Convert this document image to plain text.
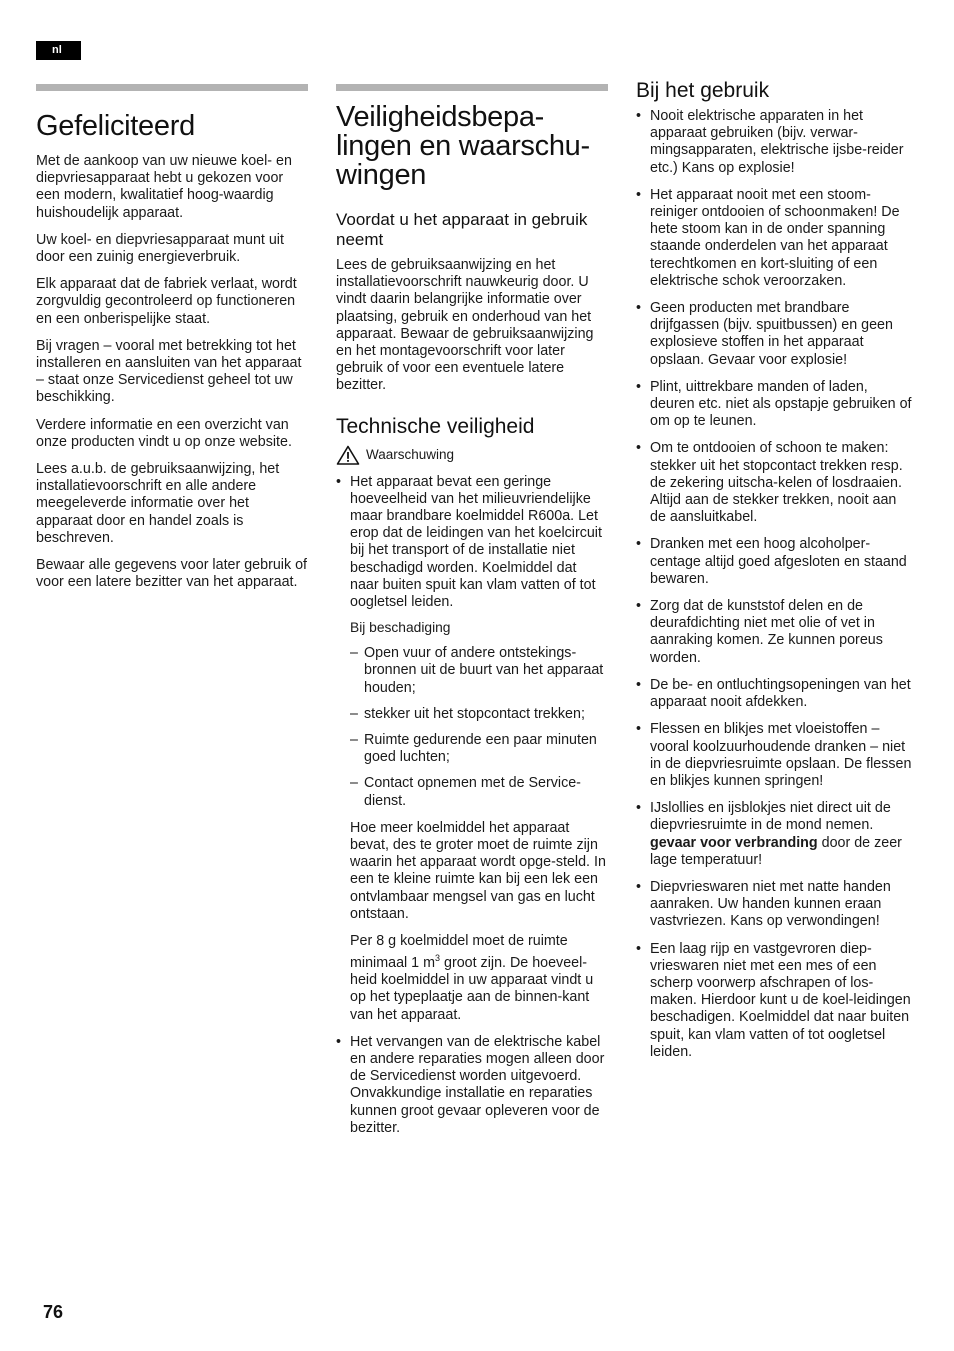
nl
Gefeliciteerd

Met de aankoop van uw nieuwe koel- en diepvriesapparaat hebt u gekozen voor een modern, kwalitatief hoog-waardig huishoudelijk apparaat.

Uw koel- en diepvriesapparaat munt uit door een zuinig energieverbruik.

Elk apparaat dat de fabriek verlaat, wordt zorgvuldig gecontroleerd op functioneren en een onberispelijke staat.

Bij vragen – vooral met betrekking tot het installeren en aansluiten van het apparaat – staat onze Servicedienst geheel tot uw beschikking.

Verdere informatie en een overzicht van onze producten vindt u op onze website.

Lees a.u.b. de gebruiksaanwijzing, het installatievoorschrift en alle andere meegeleverde informatie over het apparaat door en handel zoals is beschreven.

Bewaar alle gegevens voor later gebruik of voor een latere bezitter van het apparaat.

Veiligheidsbepa-lingen en waarschu-wingen
Voordat u het apparaat in gebruik neemt

Lees de gebruiksaanwijzing en het installatievoorschrift nauwkeurig door. U vindt daarin belangrijke informatie over plaatsing, gebruik en onderhoud van het apparaat. Bewaar de gebruiksaanwijzing en het montagevoorschrift voor later gebruik of voor een eventuele latere bezitter.

Technische veiligheid
Waarschuwing
• Het apparaat bevat een geringe hoeveelheid van het milieuvriendelijke maar brandbare koelmiddel R600a. Let erop dat de leidingen van het koelcircuit bij het transport of de installatie niet beschadigd worden. Koelmiddel dat naar buiten spuit kan vlam vatten of tot oogletsel leiden.
Bij beschadiging
– Open vuur of andere ontstekings-bronnen uit de buurt van het apparaat houden;
– stekker uit het stopcontact trekken;
– Ruimte gedurende een paar minuten goed luchten;
– Contact opnemen met de Service-dienst.

Hoe meer koelmiddel het apparaat bevat, des te groter moet de ruimte zijn waarin het apparaat wordt opge-steld. In een te kleine ruimte kan bij een lek een ontvlambaar mengsel van gas en lucht ontstaan.

Per 8 g koelmiddel moet de ruimte minimaal 1 $m^3$ groot zijn. De hoeveel-heid koelmiddel in uw apparaat vindt u op het typeplaatje aan de binnen-kant van het apparaat.

• Het vervangen van de elektrische kabel en andere reparaties mogen alleen door de Servicedienst worden uitgevoerd. Onvakkundige installatie en reparaties kunnen groot gevaar opleveren voor de bezitter.
Bij het gebruik
• Nooit elektrische apparaten in het apparaat gebruiken (bijv. verwar-mingsapparaten, elektrische ijsbe-reider etc.) Kans op explosie!
• Het apparaat nooit met een stoom-reiniger ontdooien of schoonmaken! De hete stoom kan in de onder spanning staande onderdelen van het apparaat terechtkomen en kort-sluiting of een elektrische schok veroorzaken.
• Geen producten met brandbare drijfgassen (bijv. spuitbussen) en geen explosieve stoffen in het apparaat opslaan. Gevaar voor explosie!
• Plint, uittrekbare manden of laden, deuren etc. niet als opstapje gebruiken of om op te leunen.
• Om te ontdooien of schoon te maken: stekker uit het stopcontact trekken resp. de zekering uitscha-kelen of losdraaien. Altijd aan de stekker trekken, nooit aan de aansluitkabel.
• Dranken met een hoog alcoholper-centage altijd goed afgesloten en staand bewaren.
• Zorg dat de kunststof delen en de deurafdichting niet met olie of vet in aanraking komen. Ze kunnen poreus worden.
• De be- en ontluchtingsopeningen van het apparaat nooit afdekken.
• Flessen en blikjes met vloeistoffen – vooral koolzuurhoudende dranken – niet in de diepvriesruimte opslaan. De flessen en blikjes kunnen springen!
• IJslollies en ijsblokjes niet direct uit de diepvriesruimte in de mond nemen. gevaar voor verbranding door de zeer lage temperatuur!
• Diepvrieswaren niet met natte handen aanraken. Uw handen kunnen eraan vastvriezen. Kans op verwondingen!
• Een laag rijp en vastgevroren diep-vrieswaren niet met een mes of een scherp voorwerp afschrapen of los-maken. Hierdoor kunt u de koel-leidingen beschadigen. Koelmiddel dat naar buiten spuit, kan vlam vatten of tot oogletsel leiden.
76
